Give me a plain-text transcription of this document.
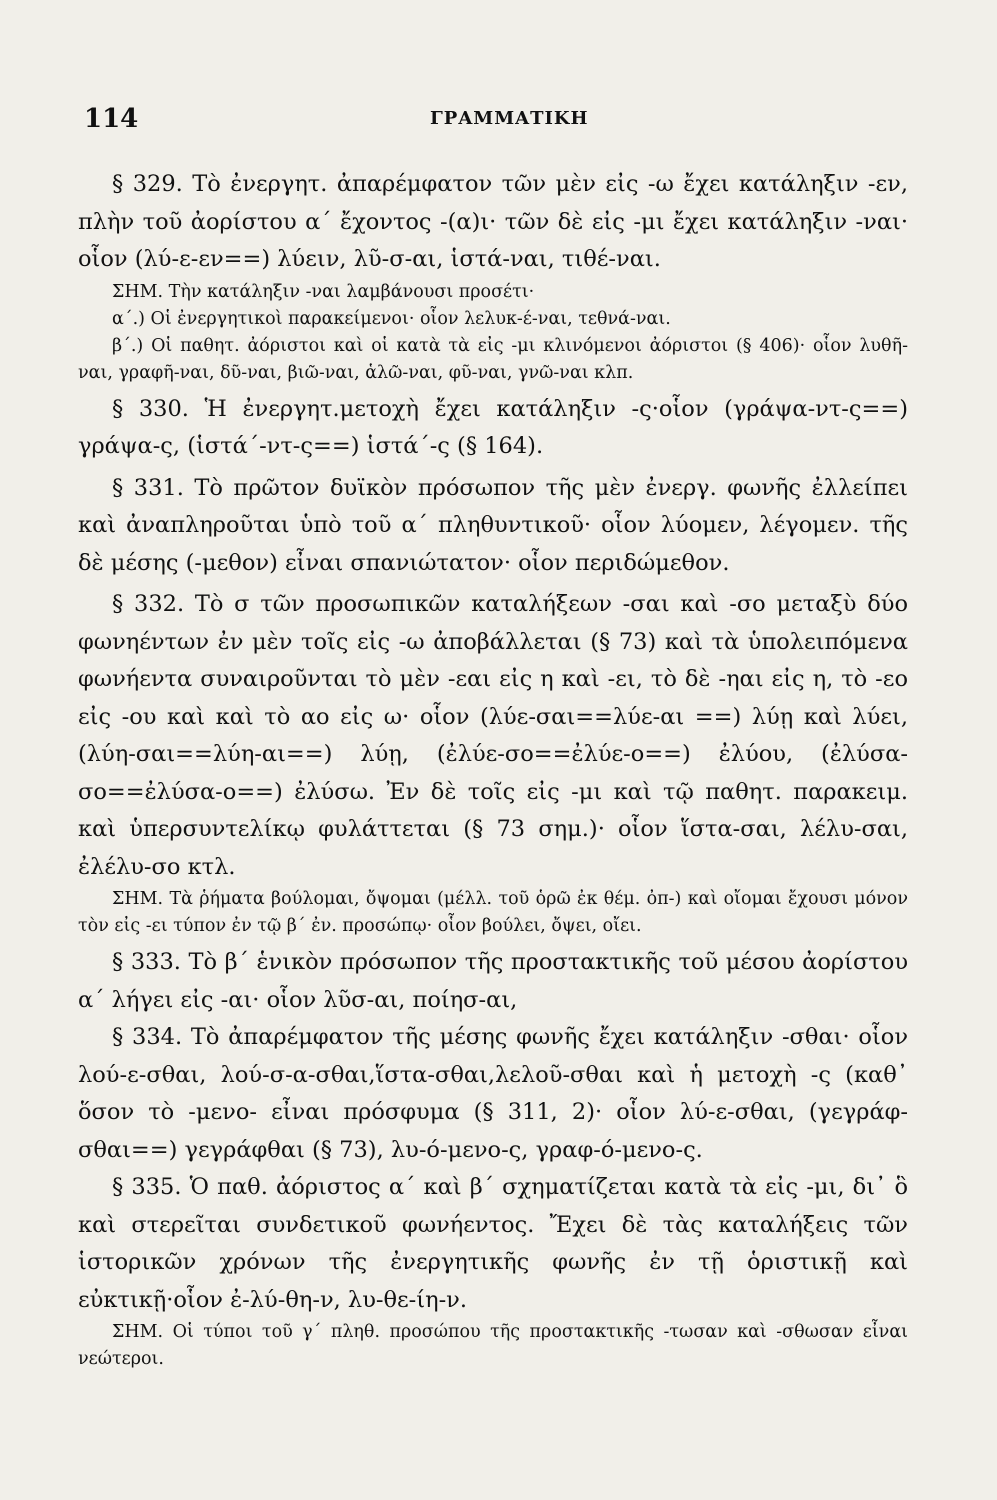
114	ΓΡΑΜΜΑΤΙΚΗ

§ 329. Τὸ ἐνεργητ. ἀπαρέμφατον τῶν μὲν εἰς -ω ἔχει κατάληξιν -εν, πλὴν τοῦ ἀορίστου α΄ ἔχοντος -(α)ι· τῶν δὲ εἰς -μι ἔχει κατάληξιν -ναι· οἷον (λύ-ε-εν==) λύειν, λῦ-σ-αι, ἱστά-ναι, τιθέ-ναι.

ΣΗΜ. Τὴν κατάληξιν -ναι λαμβάνουσι προσέτι·

α΄.) Οἱ ἐνεργητικοὶ παρακείμενοι· οἷον λελυκ-έ-ναι, τεθνά-ναι.

β΄.) Οἱ παθητ. ἀόριστοι καὶ οἱ κατὰ τὰ εἰς -μι κλινόμενοι ἀόριστοι (§ 406)· οἷον λυθῆ-ναι, γραφῆ-ναι, δῦ-ναι, βιῶ-ναι, ἁλῶ-ναι, φῦ-ναι, γνῶ-ναι κλπ.

§ 330. Ἡ ἐνεργητ.μετοχὴ ἔχει κατάληξιν -ς·οἷον (γράψα-ντ-ς==) γράψα-ς, (ἱστά΄-ντ-ς==) ἱστά΄-ς (§ 164).

§ 331. Τὸ πρῶτον δυϊκὸν πρόσωπον τῆς μὲν ἐνεργ. φωνῆς ἐλλείπει καὶ ἀναπληροῦται ὑπὸ τοῦ α΄ πληθυντικοῦ· οἷον λύομεν, λέγομεν. τῆς δὲ μέσης (-μεθον) εἶναι σπανιώτατον· οἷον περιδώμεθον.

§ 332. Τὸ σ τῶν προσωπικῶν καταλήξεων -σαι καὶ -σο μεταξὺ δύο φωνηέντων ἐν μὲν τοῖς εἰς -ω ἀποβάλλεται (§ 73) καὶ τὰ ὑπολειπόμενα φωνήεντα συναιροῦνται τὸ μὲν -εαι εἰς η καὶ -ει, τὸ δὲ -ηαι εἰς η, τὸ -εο εἰς -ου καὶ καὶ τὸ αο εἰς ω· οἷον (λύε-σαι==λύε-αι ==) λύῃ καὶ λύει, (λύη-σαι==λύη-αι==) λύῃ, (ἐλύε-σο==ἐλύε-ο==) ἐλύου, (ἐλύσα-σο==ἐλύσα-ο==) ἐλύσω. Ἐν δὲ τοῖς εἰς -μι καὶ τῷ παθητ. παρακειμ. καὶ ὑπερσυντελίκῳ φυλάττεται (§ 73 σημ.)· οἷον ἵστα-σαι, λέλυ-σαι, ἐλέλυ-σο κτλ.

ΣΗΜ. Τὰ ῥήματα βούλομαι, ὄψομαι (μέλλ. τοῦ ὁρῶ ἐκ θέμ. ὀπ-) καὶ οἴομαι ἔχουσι μόνον τὸν εἰς -ει τύπον ἐν τῷ β΄ ἐν. προσώπῳ· οἷον βούλει, ὄψει, οἴει.

§ 333. Τὸ β΄ ἑνικὸν πρόσωπον τῆς προστακτικῆς τοῦ μέσου ἀορίστου α΄ λήγει εἰς -αι· οἷον λῦσ-αι, ποίησ-αι,

§ 334. Τὸ ἀπαρέμφατον τῆς μέσης φωνῆς ἔχει κατάληξιν -σθαι· οἷον λού-ε-σθαι, λού-σ-α-σθαι,ἵστα-σθαι,λελοῦ-σθαι καὶ ἡ μετοχὴ -ς (καθ᾿ ὅσον τὸ -μενο- εἶναι πρόσφυμα (§ 311, 2)· οἷον λύ-ε-σθαι, (γεγράφ-σθαι==) γεγράφθαι (§ 73), λυ-ό-μενο-ς, γραφ-ό-μενο-ς.

§ 335. Ὁ παθ. ἀόριστος α΄ καὶ β΄ σχηματίζεται κατὰ τὰ εἰς -μι, δι᾿ ὃ καὶ στερεῖται συνδετικοῦ φωνήεντος. Ἔχει δὲ τὰς καταλήξεις τῶν ἱστορικῶν χρόνων τῆς ἐνεργητικῆς φωνῆς ἐν τῇ ὁριστικῇ καὶ εὐκτικῇ·οἷον ἐ-λύ-θη-ν, λυ-θε-ίη-ν.

ΣΗΜ. Οἱ τύποι τοῦ γ΄ πληθ. προσώπου τῆς προστακτικῆς -τωσαν καὶ -σθωσαν εἶναι νεώτεροι.
